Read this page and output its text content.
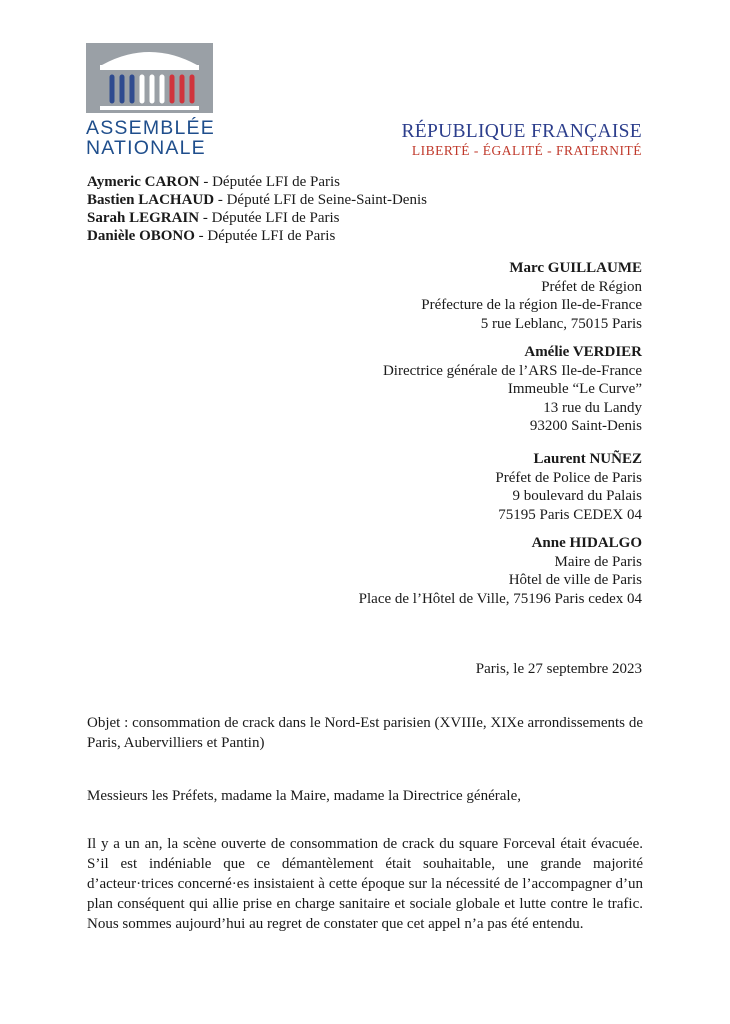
ASSEMBLÉE
NATIONALE
RÉPUBLIQUE FRANÇAISE
LIBERTÉ - ÉGALITÉ - FRATERNITÉ
Aymeric CARON - Députée LFI de Paris
Bastien LACHAUD - Député LFI de Seine-Saint-Denis
Sarah LEGRAIN - Députée LFI de Paris
Danièle OBONO - Députée LFI de Paris
Marc GUILLAUME
Préfet de Région
Préfecture de la région Ile-de-France
5 rue Leblanc, 75015 Paris
Amélie VERDIER
Directrice générale de l’ARS Ile-de-France
Immeuble “Le Curve”
13 rue du Landy
93200 Saint-Denis
Laurent NUÑEZ
Préfet de Police de Paris
9 boulevard du Palais
75195 Paris CEDEX 04
Anne HIDALGO
Maire de Paris
Hôtel de ville de Paris
Place de l’Hôtel de Ville, 75196 Paris cedex 04
Paris, le 27 septembre 2023
Objet : consommation de crack dans le Nord-Est parisien (XVIIIe, XIXe arrondissements de Paris, Aubervilliers et Pantin)
Messieurs les Préfets, madame la Maire, madame la Directrice générale,
Il y a un an, la scène ouverte de consommation de crack du square Forceval était évacuée. S’il est indéniable que ce démantèlement était souhaitable, une grande majorité d’acteur·trices concerné·es insistaient à cette époque sur la nécessité de l’accompagner d’un plan conséquent qui allie prise en charge sanitaire et sociale globale et lutte contre le trafic. Nous sommes aujourd’hui au regret de constater que cet appel n’a pas été entendu.
